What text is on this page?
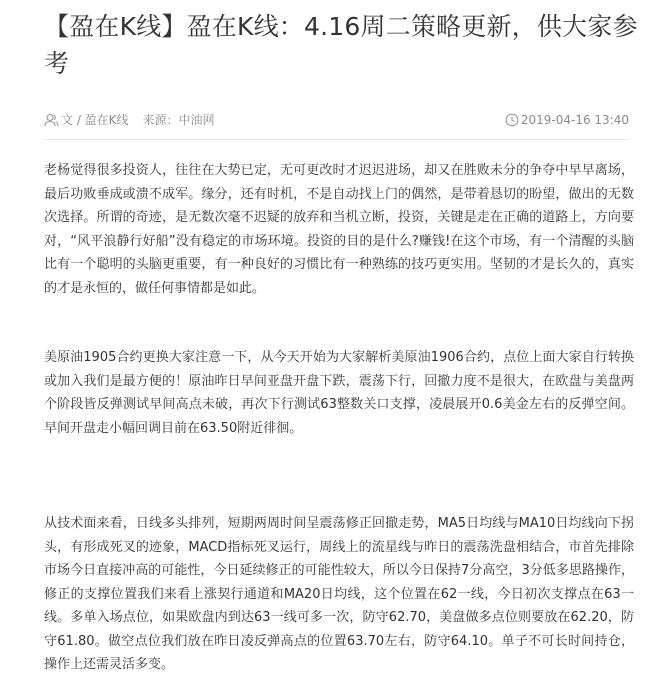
【盈在K线】盈在K线：4.16周二策略更新，供大家参考
文 / 盈在K线 来源：中油网	2019-04-16 13:40

老杨觉得很多投资人，往往在大势已定，无可更改时才迟迟进场，却又在胜败未分的争夺中早早离场，最后功败垂成或溃不成军。缘分，还有时机，不是自动找上门的偶然，是带着恳切的盼望，做出的无数次选择。所谓的奇迹，是无数次毫不迟疑的放弃和当机立断，投资，关键是走在正确的道路上，方向要对，“风平浪静行好船”没有稳定的市场环境。投资的目的是什么?赚钱!在这个市场，有一个清醒的头脑比有一个聪明的头脑更重要，有一种良好的习惯比有一种熟练的技巧更实用。坚韧的才是长久的，真实的才是永恒的，做任何事情都是如此。

美原油1905合约更换大家注意一下，从今天开始为大家解析美原油1906合约，点位上面大家自行转换或加入我们是最方便的！原油昨日早间亚盘开盘下跌，震荡下行，回撤力度不是很大，在欧盘与美盘两个阶段皆反弹测试早间高点未破，再次下行测试63整数关口支撑，凌晨展开0.6美金左右的反弹空间。早间开盘走小幅回调目前在63.50附近徘徊。

从技术面来看，日线多头排列，短期两周时间呈震荡修正回撤走势，MA5日均线与MA10日均线向下拐头，有形成死叉的迹象，MACD指标死叉运行，周线上的流星线与昨日的震荡洗盘相结合，市首先排除市场今日直接冲高的可能性，今日延续修正的可能性较大，所以今日保持7分高空，3分低多思路操作，修正的支撑位置我们来看上涨契行通道和MA20日均线，这个位置在62一线，今日初次支撑点在63一线。多单入场点位，如果欧盘内到达63一线可多一次，防守62.70，美盘做多点位则要放在62.20，防守61.80。做空点位我们放在昨日凌反弹高点的位置63.70左右，防守64.10。单子不可长时间持仓，操作上还需灵活多变。
